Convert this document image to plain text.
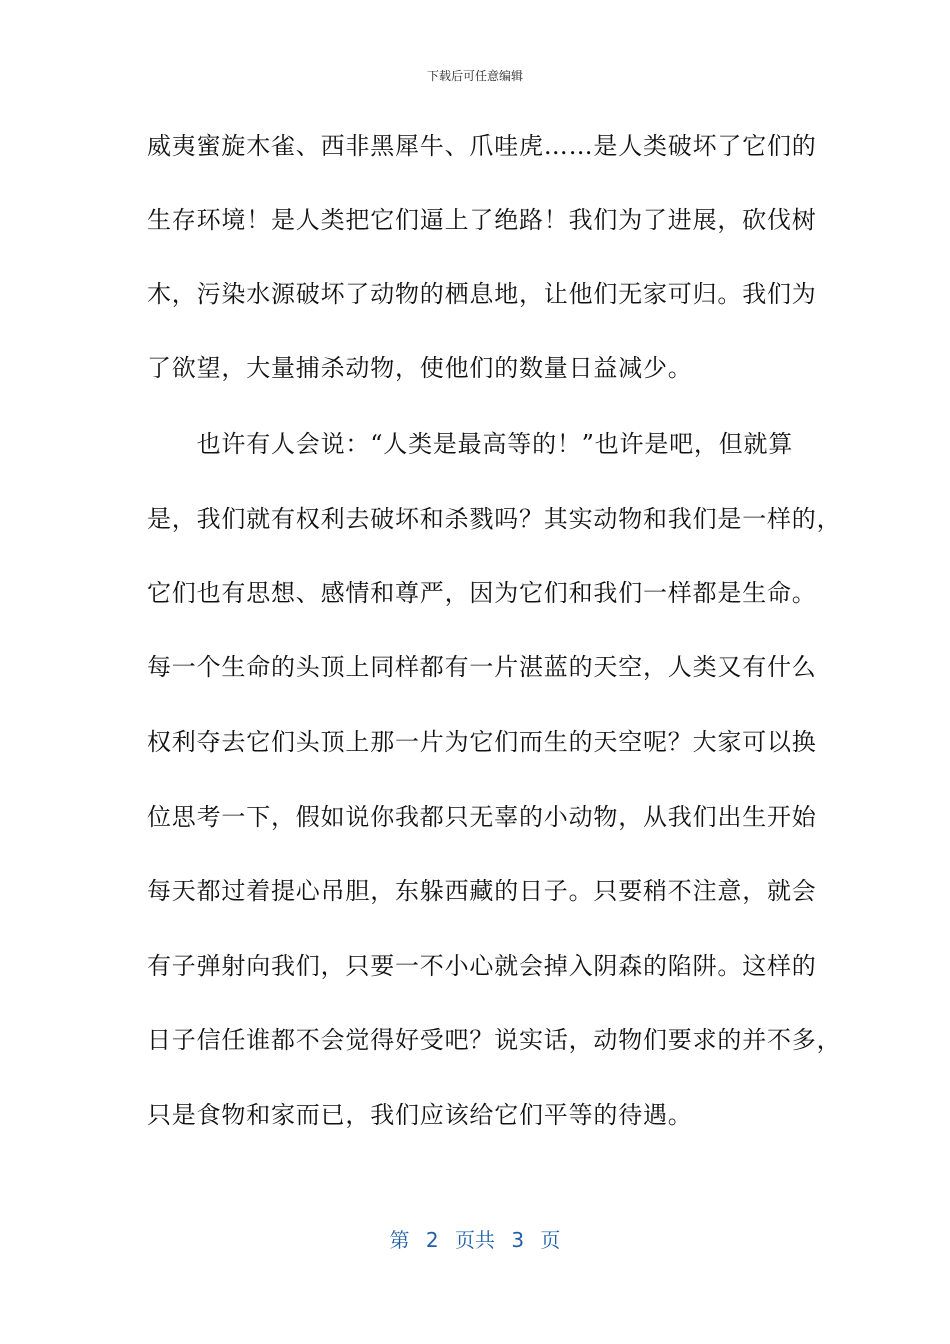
下载后可任意编辑
威夷蜜旋木雀、西非黑犀牛、爪哇虎……是人类破坏了它们的
生存环境！是人类把它们逼上了绝路！我们为了进展，砍伐树
木，污染水源破坏了动物的栖息地，让他们无家可归。我们为
了欲望，大量捕杀动物，使他们的数量日益减少。
　　也许有人会说：“人类是最高等的！”也许是吧，但就算
是，我们就有权利去破坏和杀戮吗？其实动物和我们是一样的，
它们也有思想、感情和尊严，因为它们和我们一样都是生命。
每一个生命的头顶上同样都有一片湛蓝的天空，人类又有什么
权利夺去它们头顶上那一片为它们而生的天空呢？大家可以换
位思考一下，假如说你我都只无辜的小动物，从我们出生开始
每天都过着提心吊胆，东躲西藏的日子。只要稍不注意，就会
有子弹射向我们，只要一不小心就会掉入阴森的陷阱。这样的
日子信任谁都不会觉得好受吧？说实话，动物们要求的并不多，
只是食物和家而已，我们应该给它们平等的待遇。
第 2 页共 3 页
